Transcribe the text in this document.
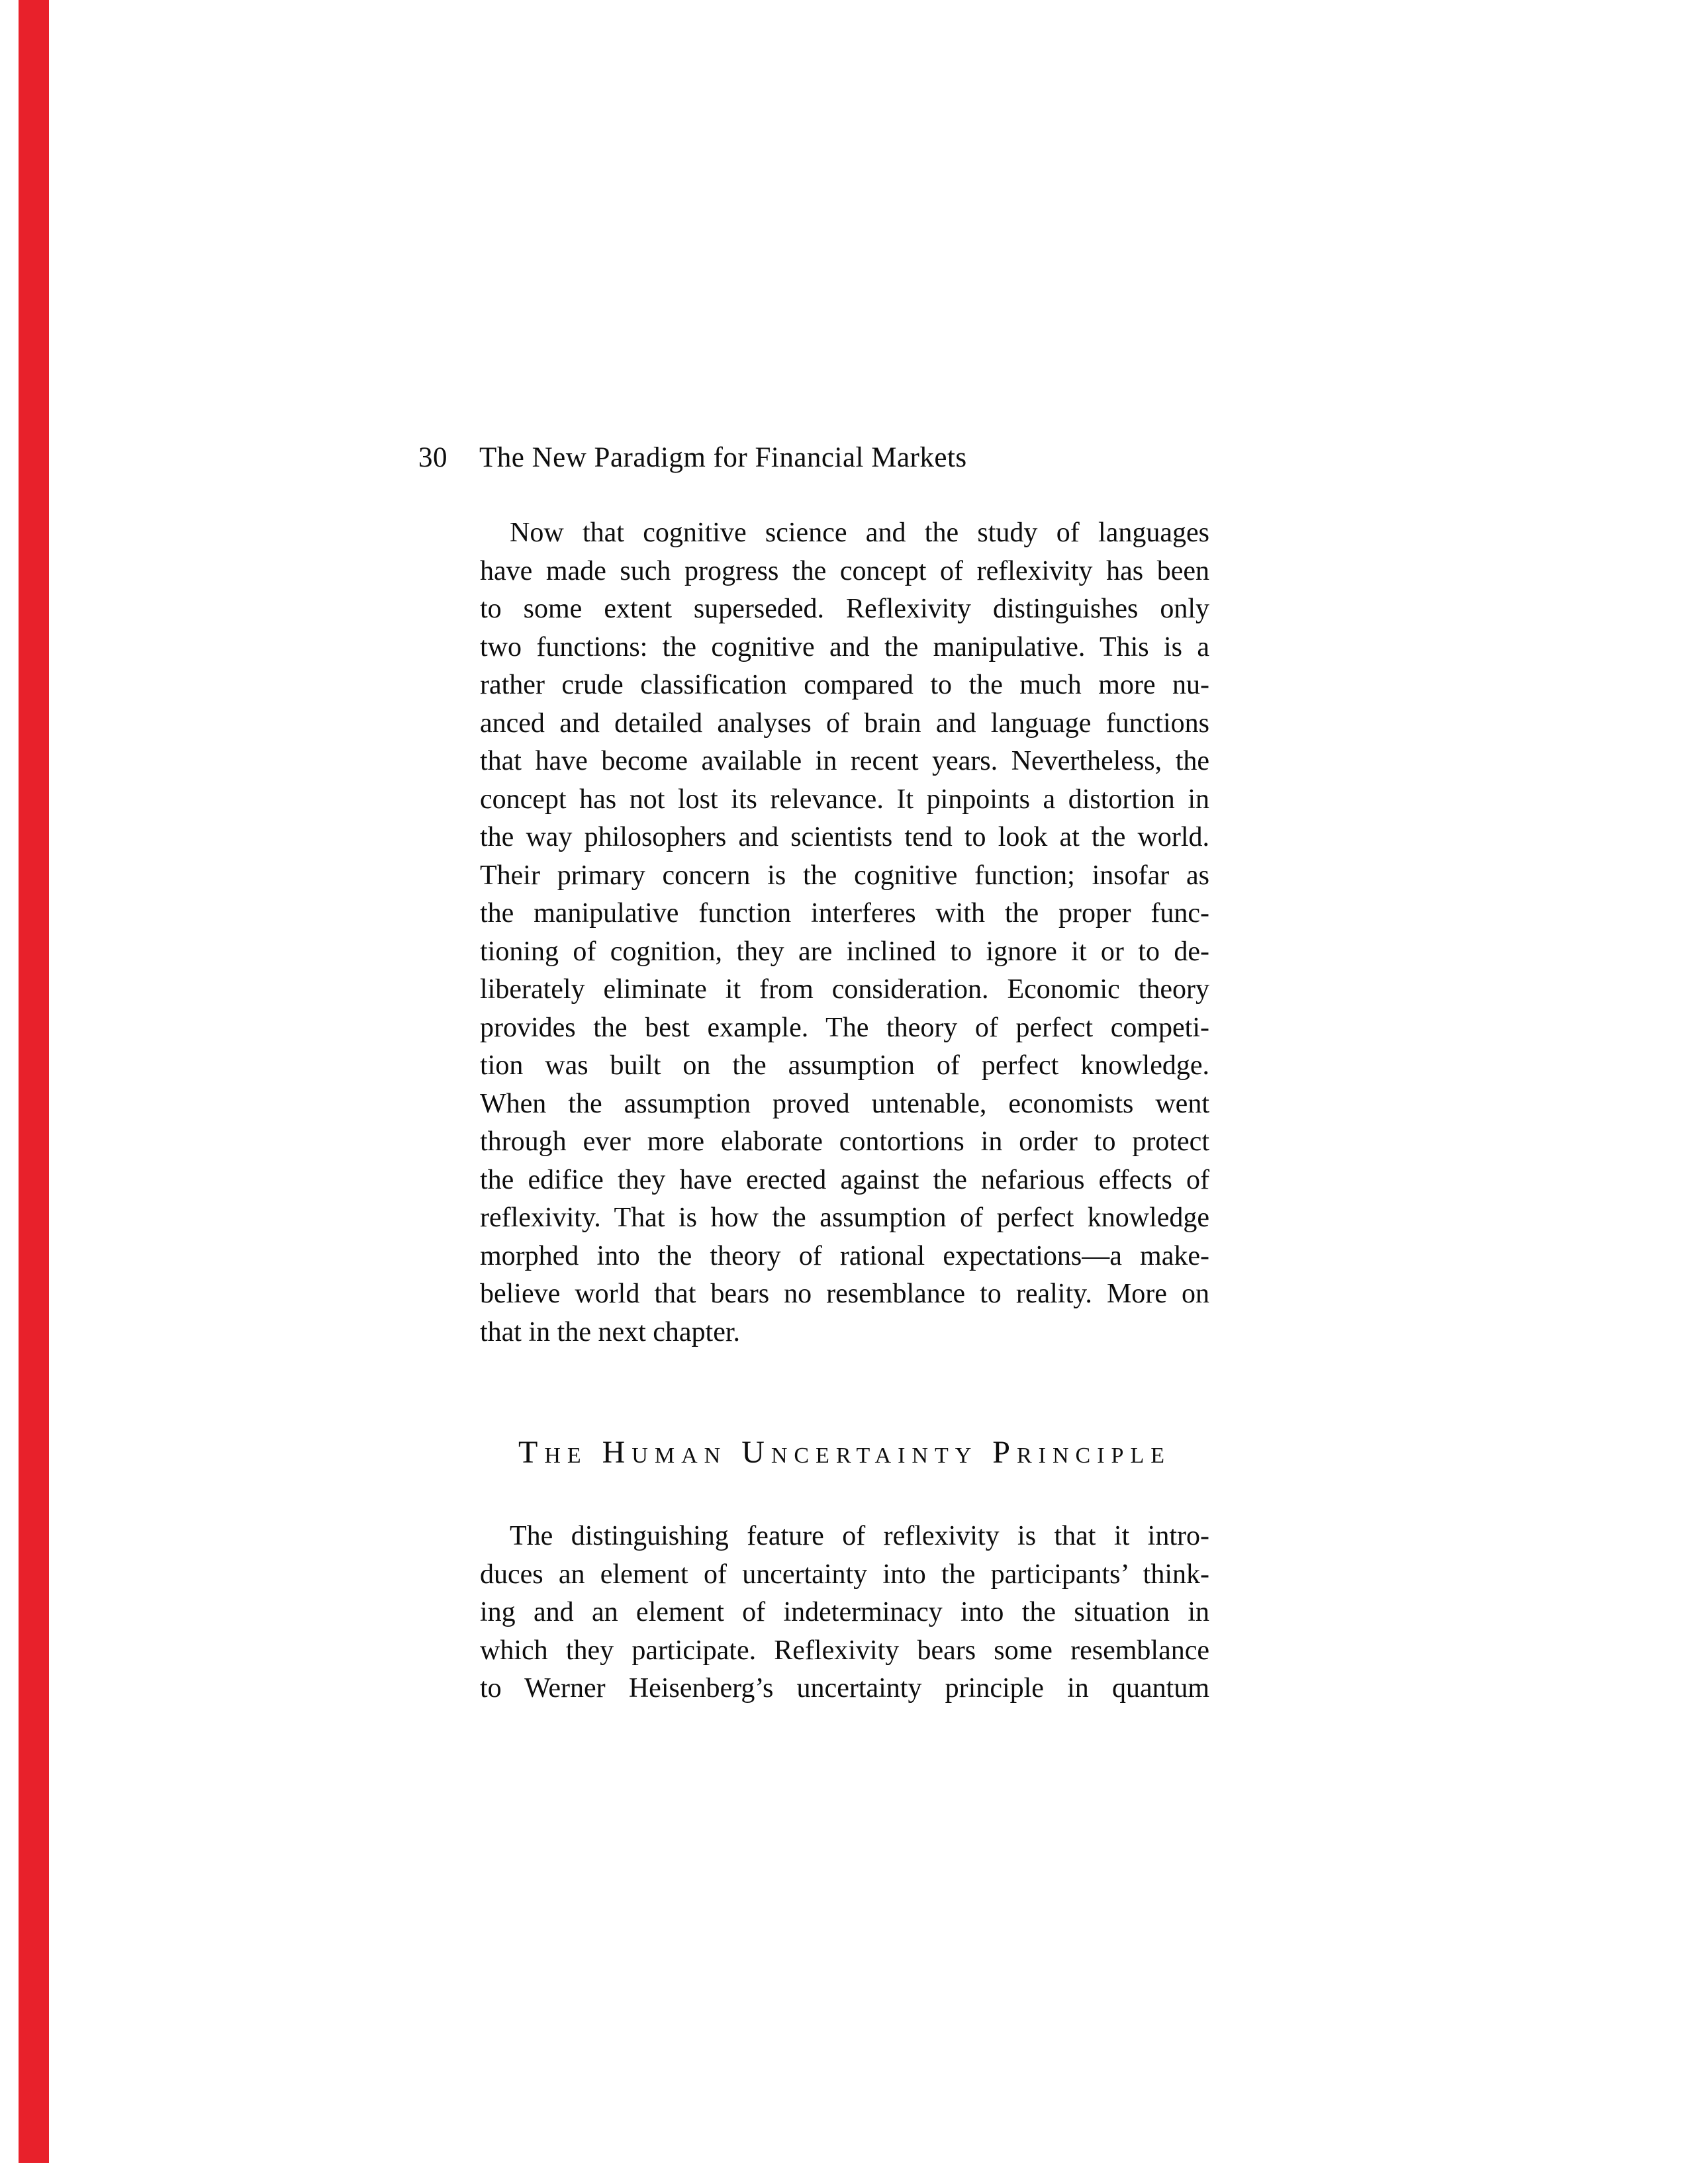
30 The New Paradigm for Financial Markets
Now that cognitive science and the study of languages
have made such progress the concept of reflexivity has been
to some extent superseded. Reflexivity distinguishes only
two functions: the cognitive and the manipulative. This is a
rather crude classification compared to the much more nu-
anced and detailed analyses of brain and language functions
that have become available in recent years. Nevertheless, the
concept has not lost its relevance. It pinpoints a distortion in
the way philosophers and scientists tend to look at the world.
Their primary concern is the cognitive function; insofar as
the manipulative function interferes with the proper func-
tioning of cognition, they are inclined to ignore it or to de-
liberately eliminate it from consideration. Economic theory
provides the best example. The theory of perfect competi-
tion was built on the assumption of perfect knowledge.
When the assumption proved untenable, economists went
through ever more elaborate contortions in order to protect
the edifice they have erected against the nefarious effects of
reflexivity. That is how the assumption of perfect knowledge
morphed into the theory of rational expectations—a make-
believe world that bears no resemblance to reality. More on
that in the next chapter.
The Human Uncertainty Principle
The distinguishing feature of reflexivity is that it intro-
duces an element of uncertainty into the participants’ think-
ing and an element of indeterminacy into the situation in
which they participate. Reflexivity bears some resemblance
to Werner Heisenberg’s uncertainty principle in quantum
